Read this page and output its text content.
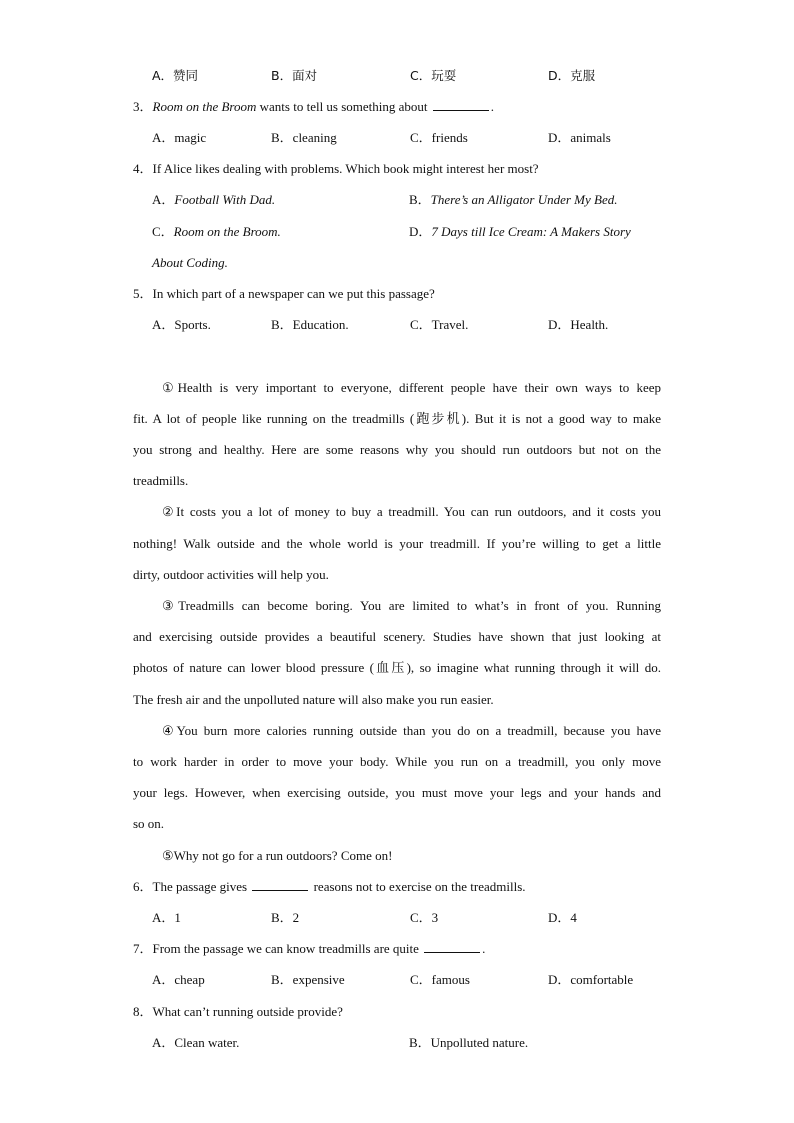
A．赞同	B．面对	C．玩耍	D．克服
3．Room on the Broom wants to tell us something about	.
A．magic	B．cleaning	C．friends	D．animals
4．If Alice likes dealing with problems. Which book might interest her most?
A．Football With Dad.	B．There’s an Alligator Under My Bed.
C．Room on the Broom.	D．7 Days till Ice Cream: A Makers Story
About Coding.
5．In which part of a newspaper can we put this passage?
A．Sports.	B．Education.	C．Travel.	D．Health.
①Health is very important to everyone, different people have their own ways to keep
fit. A lot of people like running on the treadmills (跑步机). But it is not a good way to make
you strong and healthy. Here are some reasons why you should run outdoors but not on the
treadmills.
②It costs you a lot of money to buy a treadmill. You can run outdoors, and it costs you
nothing! Walk outside and the whole world is your treadmill. If you’re willing to get a little
dirty, outdoor activities will help you.
③Treadmills can become boring. You are limited to what’s in front of you. Running
and exercising outside provides a beautiful scenery. Studies have shown that just looking at
photos of nature can lower blood pressure (血压), so imagine what running through it will do.
The fresh air and the unpolluted nature will also make you run easier.
④You burn more calories running outside than you do on a treadmill, because you have
to work harder in order to move your body. While you run on a treadmill, you only move
your legs. However, when exercising outside, you must move your legs and your hands and
so on.
⑤Why not go for a run outdoors? Come on!
6．The passage gives	reasons not to exercise on the treadmills.
A．1	B．2	C．3	D．4
7．From the passage we can know treadmills are quite	.
A．cheap	B．expensive	C．famous	D．comfortable
8．What can’t running outside provide?
A．Clean water.	B．Unpolluted nature.
